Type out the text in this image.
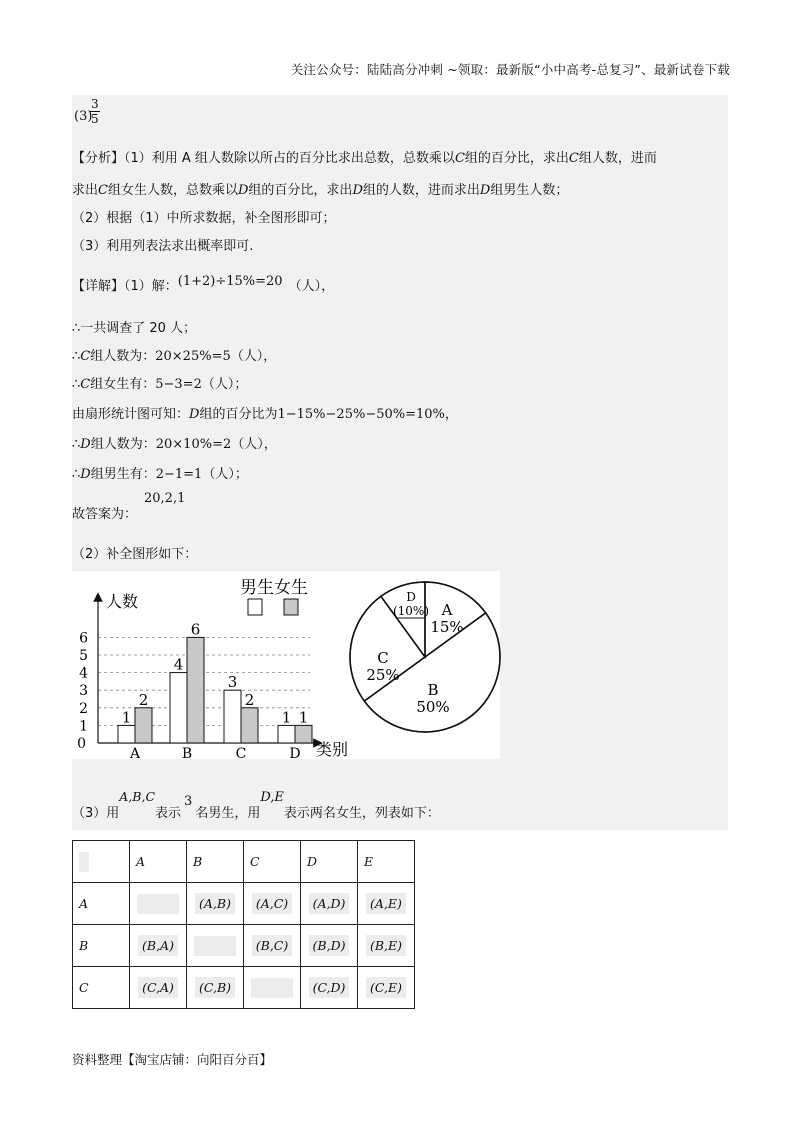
关注公众号：陆陆高分冲刺 ~领取：最新版“小中高考-总复习”、最新试卷下载
(3)
$\frac{3}{5}$
【分析】（1）利用 A 组人数除以所占的百分比求出总数，总数乘以C组的百分比，求出C组人数，进而
求出C组女生人数，总数乘以D组的百分比，求出D组的人数，进而求出D组男生人数；
（2）根据（1）中所求数据，补全图形即可；
（3）利用列表法求出概率即可.
【详解】（1）解：(1+2)÷15%=20 （人），
∴一共调查了 20 人；
∴C组人数为：20×25%=5（人），
∴C组女生有：5−3=2（人）；
由扇形统计图可知：D组的百分比为1−15%−25%−50%=10%，
∴D组人数为：20×10%=2（人），
∴D组男生有：2−1=1（人）；
20,2,1
故答案为：
（2）补全图形如下：
0
1
2
3
4
5
6
人数
类别
1
2
A
4
6
B
3
2
C
1 1
D
男生女生
A
15%
B
50%
C
25%
D
(10%)
（3）用A,B,C表示3名男生，用D,E表示两名女生，列表如下：
	A	B	C	D	E
A		(A,B)	(A,C)	(A,D)	(A,E)
B	(B,A)		(B,C)	(B,D)	(B,E)
C	(C,A)	(C,B)		(C,D)	(C,E)
资料整理【淘宝店铺：向阳百分百】
